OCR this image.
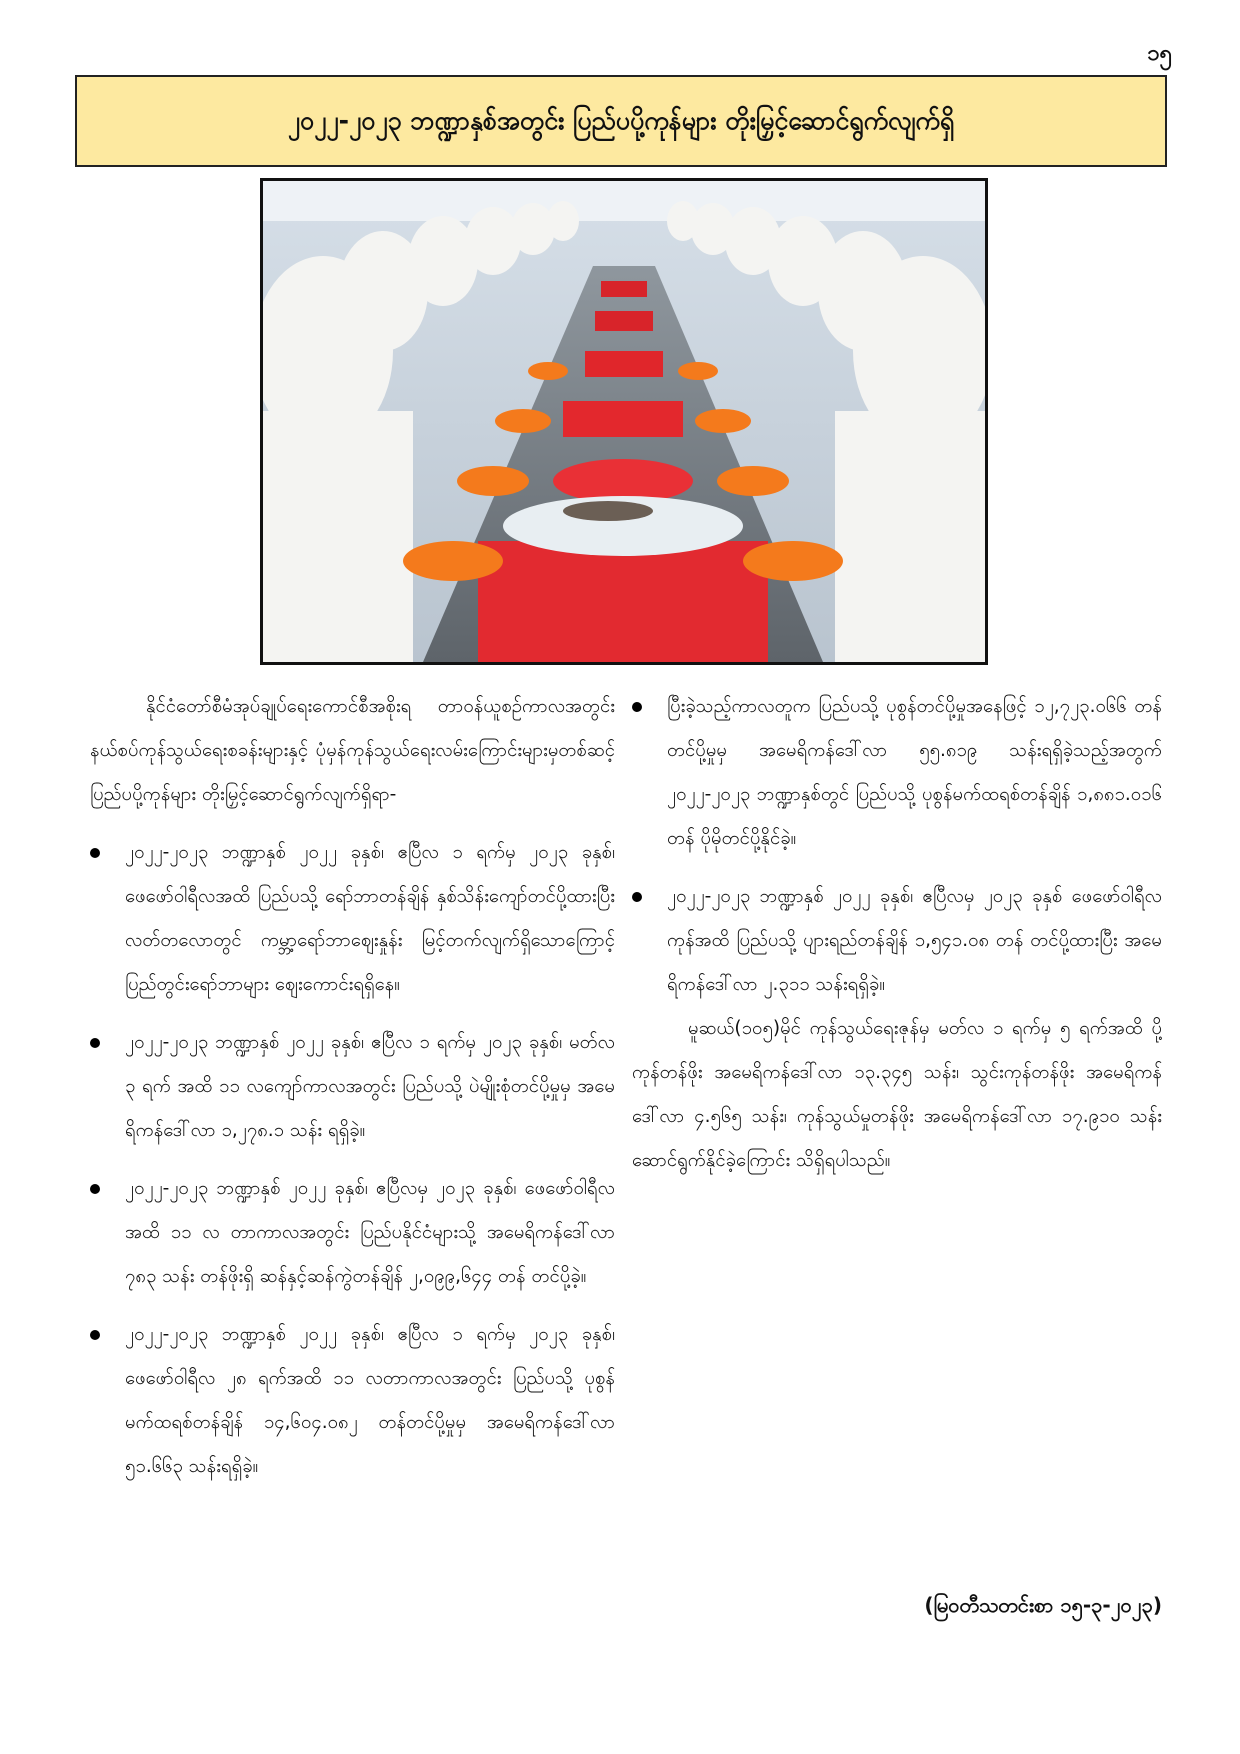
၁၅
၂၀၂၂-၂၀၂၃ ဘဏ္ဍာနှစ်အတွင်း ပြည်ပပို့ကုန်များ တိုးမြှင့်ဆောင်ရွက်လျက်ရှိ

နိုင်ငံတော်စီမံအုပ်ချုပ်ရေးကောင်စီအစိုးရ တာဝန်ယူစဉ်ကာလအတွင်း နယ်စပ်ကုန်သွယ်ရေးစခန်းများနှင့် ပုံမှန်ကုန်သွယ်ရေးလမ်းကြောင်းများမှတစ်ဆင့် ပြည်ပပို့ကုန်များ တိုးမြှင့်ဆောင်ရွက်လျက်ရှိရာ-

၂၀၂၂-၂၀၂၃ ဘဏ္ဍာနှစ် ၂၀၂၂ ခုနှစ်၊ ဧပြီလ ၁ ရက်မှ ၂၀၂၃ ခုနှစ်၊ ဖေဖော်ဝါရီလအထိ ပြည်ပသို့ ရော်ဘာတန်ချိန် နှစ်သိန်းကျော်တင်ပို့ထားပြီး လတ်တလောတွင် ကမ္ဘာ့ရော်ဘာဈေးနှုန်း မြင့်တက်လျက်ရှိသောကြောင့် ပြည်တွင်းရော်ဘာများ ဈေးကောင်းရရှိနေ။
၂၀၂၂-၂၀၂၃ ဘဏ္ဍာနှစ် ၂၀၂၂ ခုနှစ်၊ ဧပြီလ ၁ ရက်မှ ၂၀၂၃ ခုနှစ်၊ မတ်လ ၃ ရက် အထိ ၁၁ လကျော်ကာလအတွင်း ပြည်ပသို့ ပဲမျိုးစုံတင်ပို့မှုမှ အမေရိကန်ဒေါ်လာ ၁,၂၇၈.၁ သန်း ရရှိခဲ့။
၂၀၂၂-၂၀၂၃ ဘဏ္ဍာနှစ် ၂၀၂၂ ခုနှစ်၊ ဧပြီလမှ ၂၀၂၃ ခုနှစ်၊ ဖေဖော်ဝါရီလအထိ ၁၁ လ တာကာလအတွင်း ပြည်ပနိုင်ငံများသို့ အမေရိကန်ဒေါ်လာ ၇၈၃ သန်း တန်ဖိုးရှိ ဆန်နှင့်ဆန်ကွဲတန်ချိန် ၂,၀၉၉,၆၄၄ တန် တင်ပို့ခဲ့။
၂၀၂၂-၂၀၂၃ ဘဏ္ဍာနှစ် ၂၀၂၂ ခုနှစ်၊ ဧပြီလ ၁ ရက်မှ ၂၀၂၃ ခုနှစ်၊ ဖေဖော်ဝါရီလ ၂၈ ရက်အထိ ၁၁ လတာကာလအတွင်း ပြည်ပသို့ ပုစွန်မက်ထရစ်တန်ချိန် ၁၄,၆၀၄.၀၈၂ တန်တင်ပို့မှုမှ အမေရိကန်ဒေါ်လာ ၅၁.၆၆၃ သန်းရရှိခဲ့။
ပြီးခဲ့သည့်ကာလတူက ပြည်ပသို့ ပုစွန်တင်ပို့မှုအနေဖြင့် ၁၂,၇၂၃.၀၆၆ တန်တင်ပို့မှုမှ အမေရိကန်ဒေါ်လာ ၅၅.၈၁၉ သန်းရရှိခဲ့သည့်အတွက် ၂၀၂၂-၂၀၂၃ ဘဏ္ဍာနှစ်တွင် ပြည်ပသို့ ပုစွန်မက်ထရစ်တန်ချိန် ၁,၈၈၁.၀၁၆ တန် ပိုမိုတင်ပို့နိုင်ခဲ့။
၂၀၂၂-၂၀၂၃ ဘဏ္ဍာနှစ် ၂၀၂၂ ခုနှစ်၊ ဧပြီလမှ ၂၀၂၃ ခုနှစ် ဖေဖော်ဝါရီလကုန်အထိ ပြည်ပသို့ ပျားရည်တန်ချိန် ၁,၅၄၁.၀၈ တန် တင်ပို့ထားပြီး အမေရိကန်ဒေါ်လာ ၂.၃၁၁ သန်းရရှိခဲ့။

မူဆယ်(၁၀၅)မိုင် ကုန်သွယ်ရေးဇုန်မှ မတ်လ ၁ ရက်မှ ၅ ရက်အထိ ပို့ကုန်တန်ဖိုး အမေရိကန်ဒေါ်လာ ၁၃.၃၄၅ သန်း၊ သွင်းကုန်တန်ဖိုး အမေရိကန်ဒေါ်လာ ၄.၅၆၅ သန်း၊ ကုန်သွယ်မှုတန်ဖိုး အမေရိကန်ဒေါ်လာ ၁၇.၉၁၀ သန်း ဆောင်ရွက်နိုင်ခဲ့ကြောင်း သိရှိရပါသည်။

(မြဝတီသတင်းစာ ၁၅-၃-၂၀၂၃)
